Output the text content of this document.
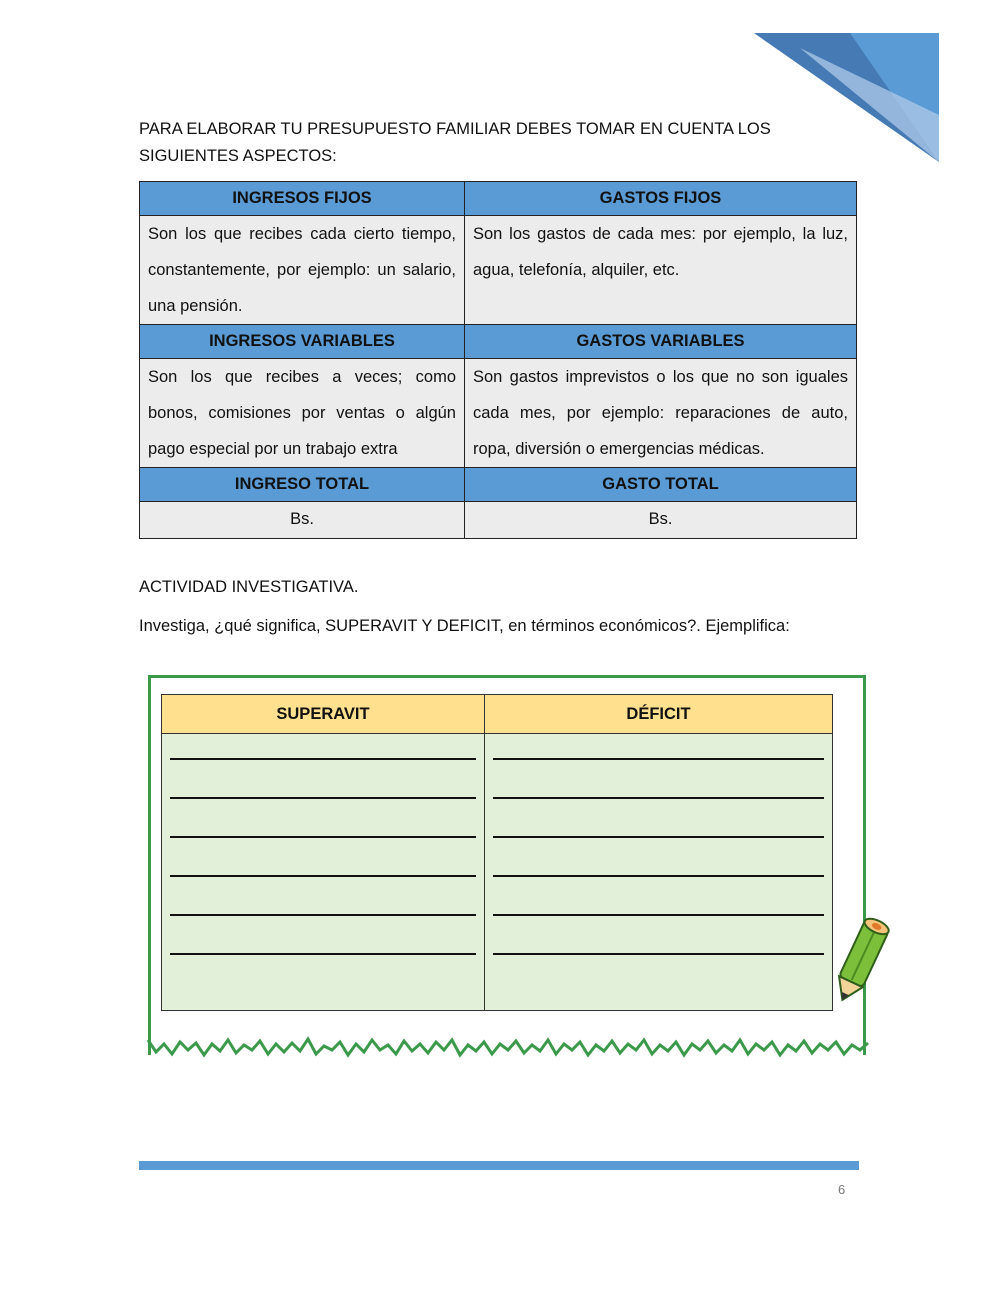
PARA ELABORAR TU PRESUPUESTO FAMILIAR DEBES TOMAR EN CUENTA LOS SIGUIENTES ASPECTOS:

INGRESOS FIJOS	GASTOS FIJOS
Son los que recibes cada cierto tiempo, constantemente, por ejemplo: un salario, una pensión.	Son los gastos de cada mes: por ejemplo, la luz, agua, telefonía, alquiler, etc.
INGRESOS VARIABLES	GASTOS VARIABLES
Son los que recibes a veces; como bonos, comisiones por ventas o algún pago especial por un trabajo extra	Son gastos imprevistos o los que no son iguales cada mes, por ejemplo: reparaciones de auto, ropa, diversión o emergencias médicas.
INGRESO TOTAL	GASTO TOTAL
Bs.	Bs.

ACTIVIDAD INVESTIGATIVA.

Investiga, ¿qué significa, SUPERAVIT Y DEFICIT, en términos económicos?. Ejemplifica:

SUPERAVIT	DÉFICIT

6
